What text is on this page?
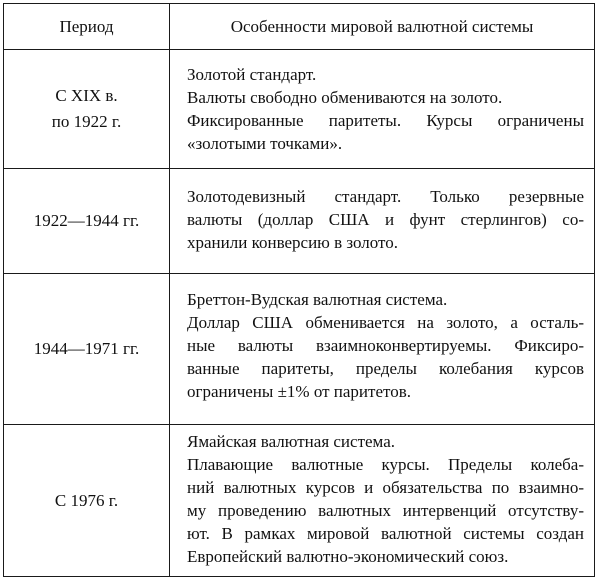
Период	Особенности мировой валютной системы
С XIX в.
по 1922 г.
Золотой стандарт.
Валюты свободно обмениваются на золото.
Фиксированные паритеты. Курсы ограничены
«золотыми точками».
1922—1944 гг.
Золотодевизный стандарт. Только резервные
валюты (доллар США и фунт стерлингов) со-
хранили конверсию в золото.
1944—1971 гг.
Бреттон-Вудская валютная система.
Доллар США обменивается на золото, а осталь-
ные валюты взаимноконвертируемы. Фиксиро-
ванные паритеты, пределы колебания курсов
ограничены ±1% от паритетов.
С 1976 г.
Ямайская валютная система.
Плавающие валютные курсы. Пределы колеба-
ний валютных курсов и обязательства по взаимно-
му проведению валютных интервенций отсутству-
ют. В рамках мировой валютной системы создан
Европейский валютно-экономический союз.
